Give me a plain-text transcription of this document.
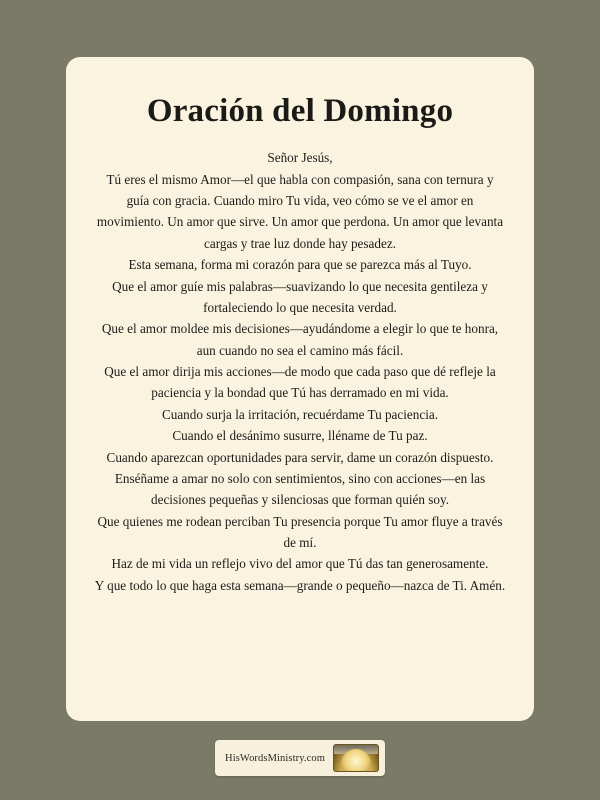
Oración del Domingo

Señor Jesús,

Tú eres el mismo Amor—el que habla con compasión, sana con ternura y guía con gracia. Cuando miro Tu vida, veo cómo se ve el amor en movimiento. Un amor que sirve. Un amor que perdona. Un amor que levanta cargas y trae luz donde hay pesadez.

Esta semana, forma mi corazón para que se parezca más al Tuyo.

Que el amor guíe mis palabras—suavizando lo que necesita gentileza y fortaleciendo lo que necesita verdad.

Que el amor moldee mis decisiones—ayudándome a elegir lo que te honra, aun cuando no sea el camino más fácil.

Que el amor dirija mis acciones—de modo que cada paso que dé refleje la paciencia y la bondad que Tú has derramado en mi vida.

Cuando surja la irritación, recuérdame Tu paciencia.

Cuando el desánimo susurre, lléname de Tu paz.

Cuando aparezcan oportunidades para servir, dame un corazón dispuesto.

Enséñame a amar no solo con sentimientos, sino con acciones—en las decisiones pequeñas y silenciosas que forman quién soy.

Que quienes me rodean perciban Tu presencia porque Tu amor fluye a través de mí.

Haz de mi vida un reflejo vivo del amor que Tú das tan generosamente.

Y que todo lo que haga esta semana—grande o pequeño—nazca de Ti. Amén.

HisWordsMinistry.com
